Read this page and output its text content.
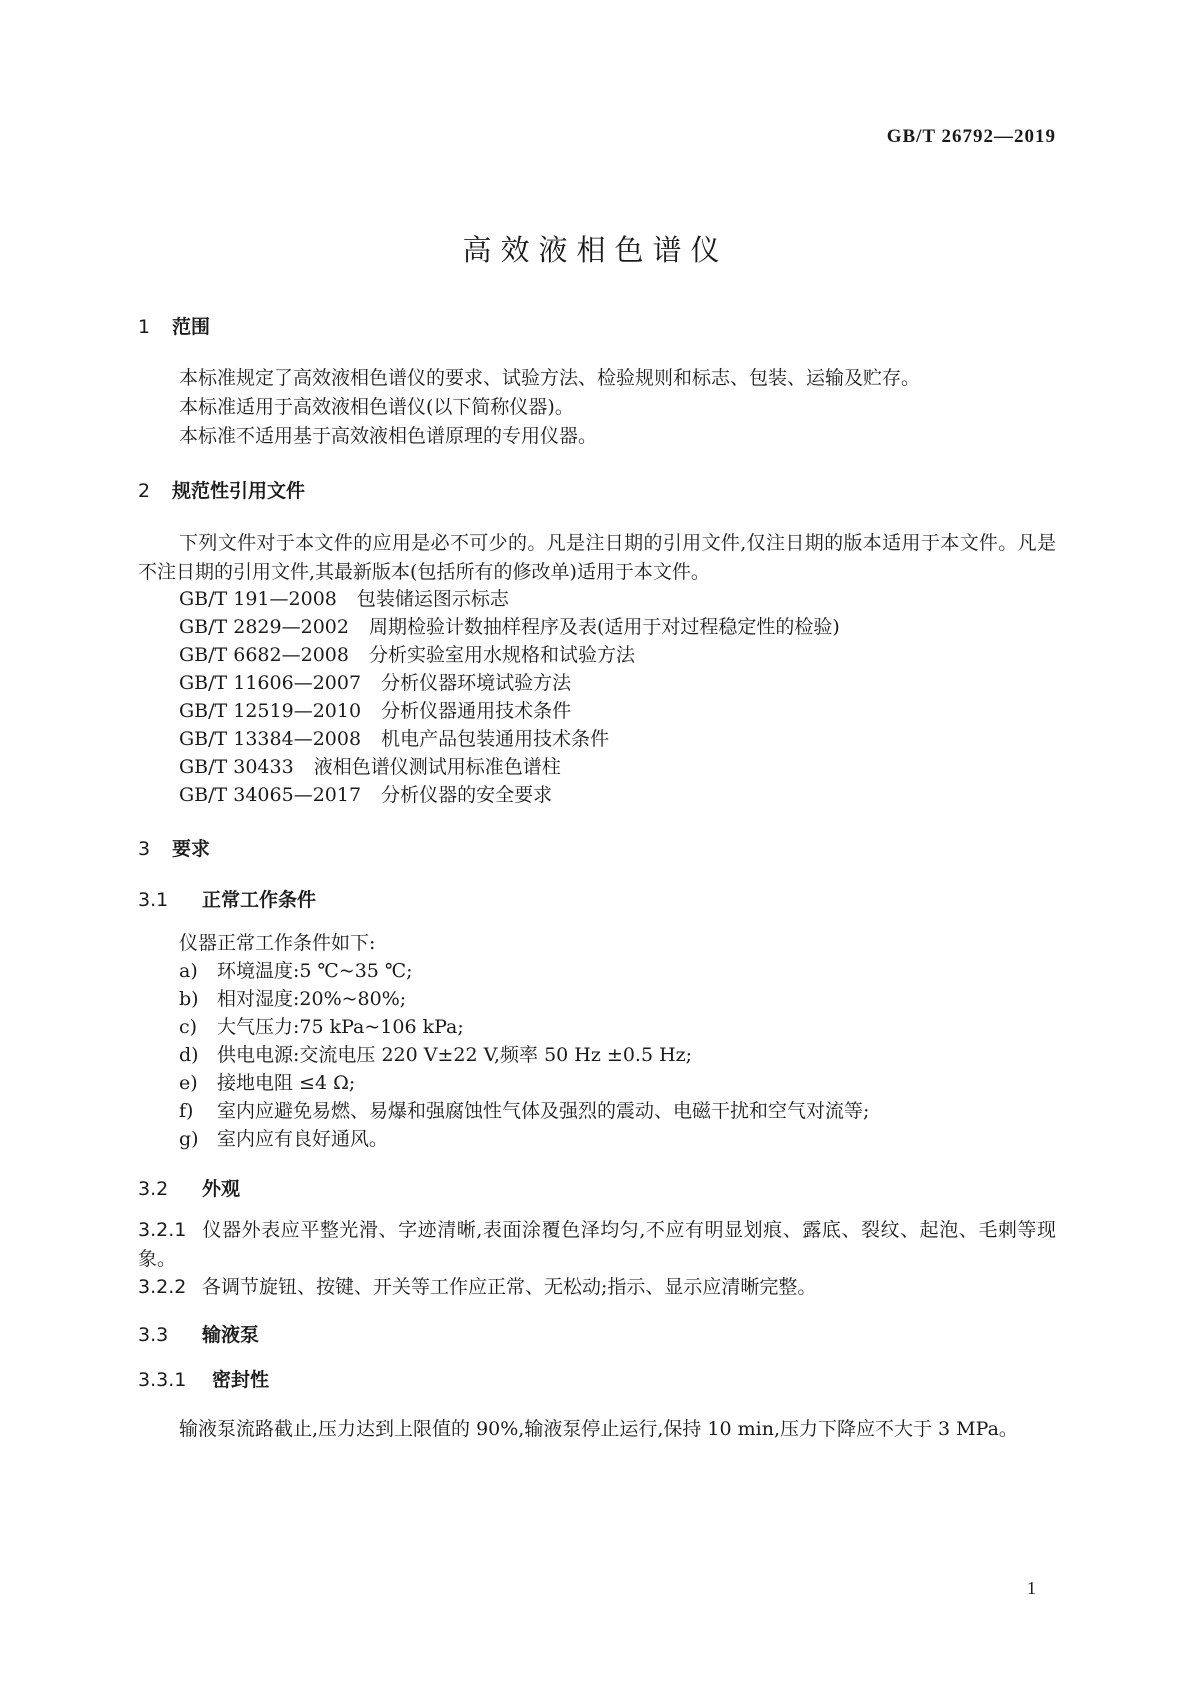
GB/T 26792—2019
高效液相色谱仪
1 范围
本标准规定了高效液相色谱仪的要求、试验方法、检验规则和标志、包装、运输及贮存。
本标准适用于高效液相色谱仪(以下简称仪器)。
本标准不适用基于高效液相色谱原理的专用仪器。
2 规范性引用文件
下列文件对于本文件的应用是必不可少的。凡是注日期的引用文件,仅注日期的版本适用于本文件。凡是不注日期的引用文件,其最新版本(包括所有的修改单)适用于本文件。
GB/T 191—2008 包装储运图示标志
GB/T 2829—2002 周期检验计数抽样程序及表(适用于对过程稳定性的检验)
GB/T 6682—2008 分析实验室用水规格和试验方法
GB/T 11606—2007 分析仪器环境试验方法
GB/T 12519—2010 分析仪器通用技术条件
GB/T 13384—2008 机电产品包装通用技术条件
GB/T 30433 液相色谱仪测试用标准色谱柱
GB/T 34065—2017 分析仪器的安全要求
3 要求
3.1 正常工作条件
仪器正常工作条件如下:
a) 环境温度:5 ℃~35 ℃;
b) 相对湿度:20%~80%;
c) 大气压力:75 kPa~106 kPa;
d) 供电电源:交流电压 220 V±22 V,频率 50 Hz ±0.5 Hz;
e) 接地电阻 ≤4 Ω;
f) 室内应避免易燃、易爆和强腐蚀性气体及强烈的震动、电磁干扰和空气对流等;
g) 室内应有良好通风。
3.2 外观
3.2.1 仪器外表应平整光滑、字迹清晰,表面涂覆色泽均匀,不应有明显划痕、露底、裂纹、起泡、毛刺等现象。
3.2.2 各调节旋钮、按键、开关等工作应正常、无松动;指示、显示应清晰完整。
3.3 输液泵
3.3.1 密封性
输液泵流路截止,压力达到上限值的 90%,输液泵停止运行,保持 10 min,压力下降应不大于 3 MPa。
1
